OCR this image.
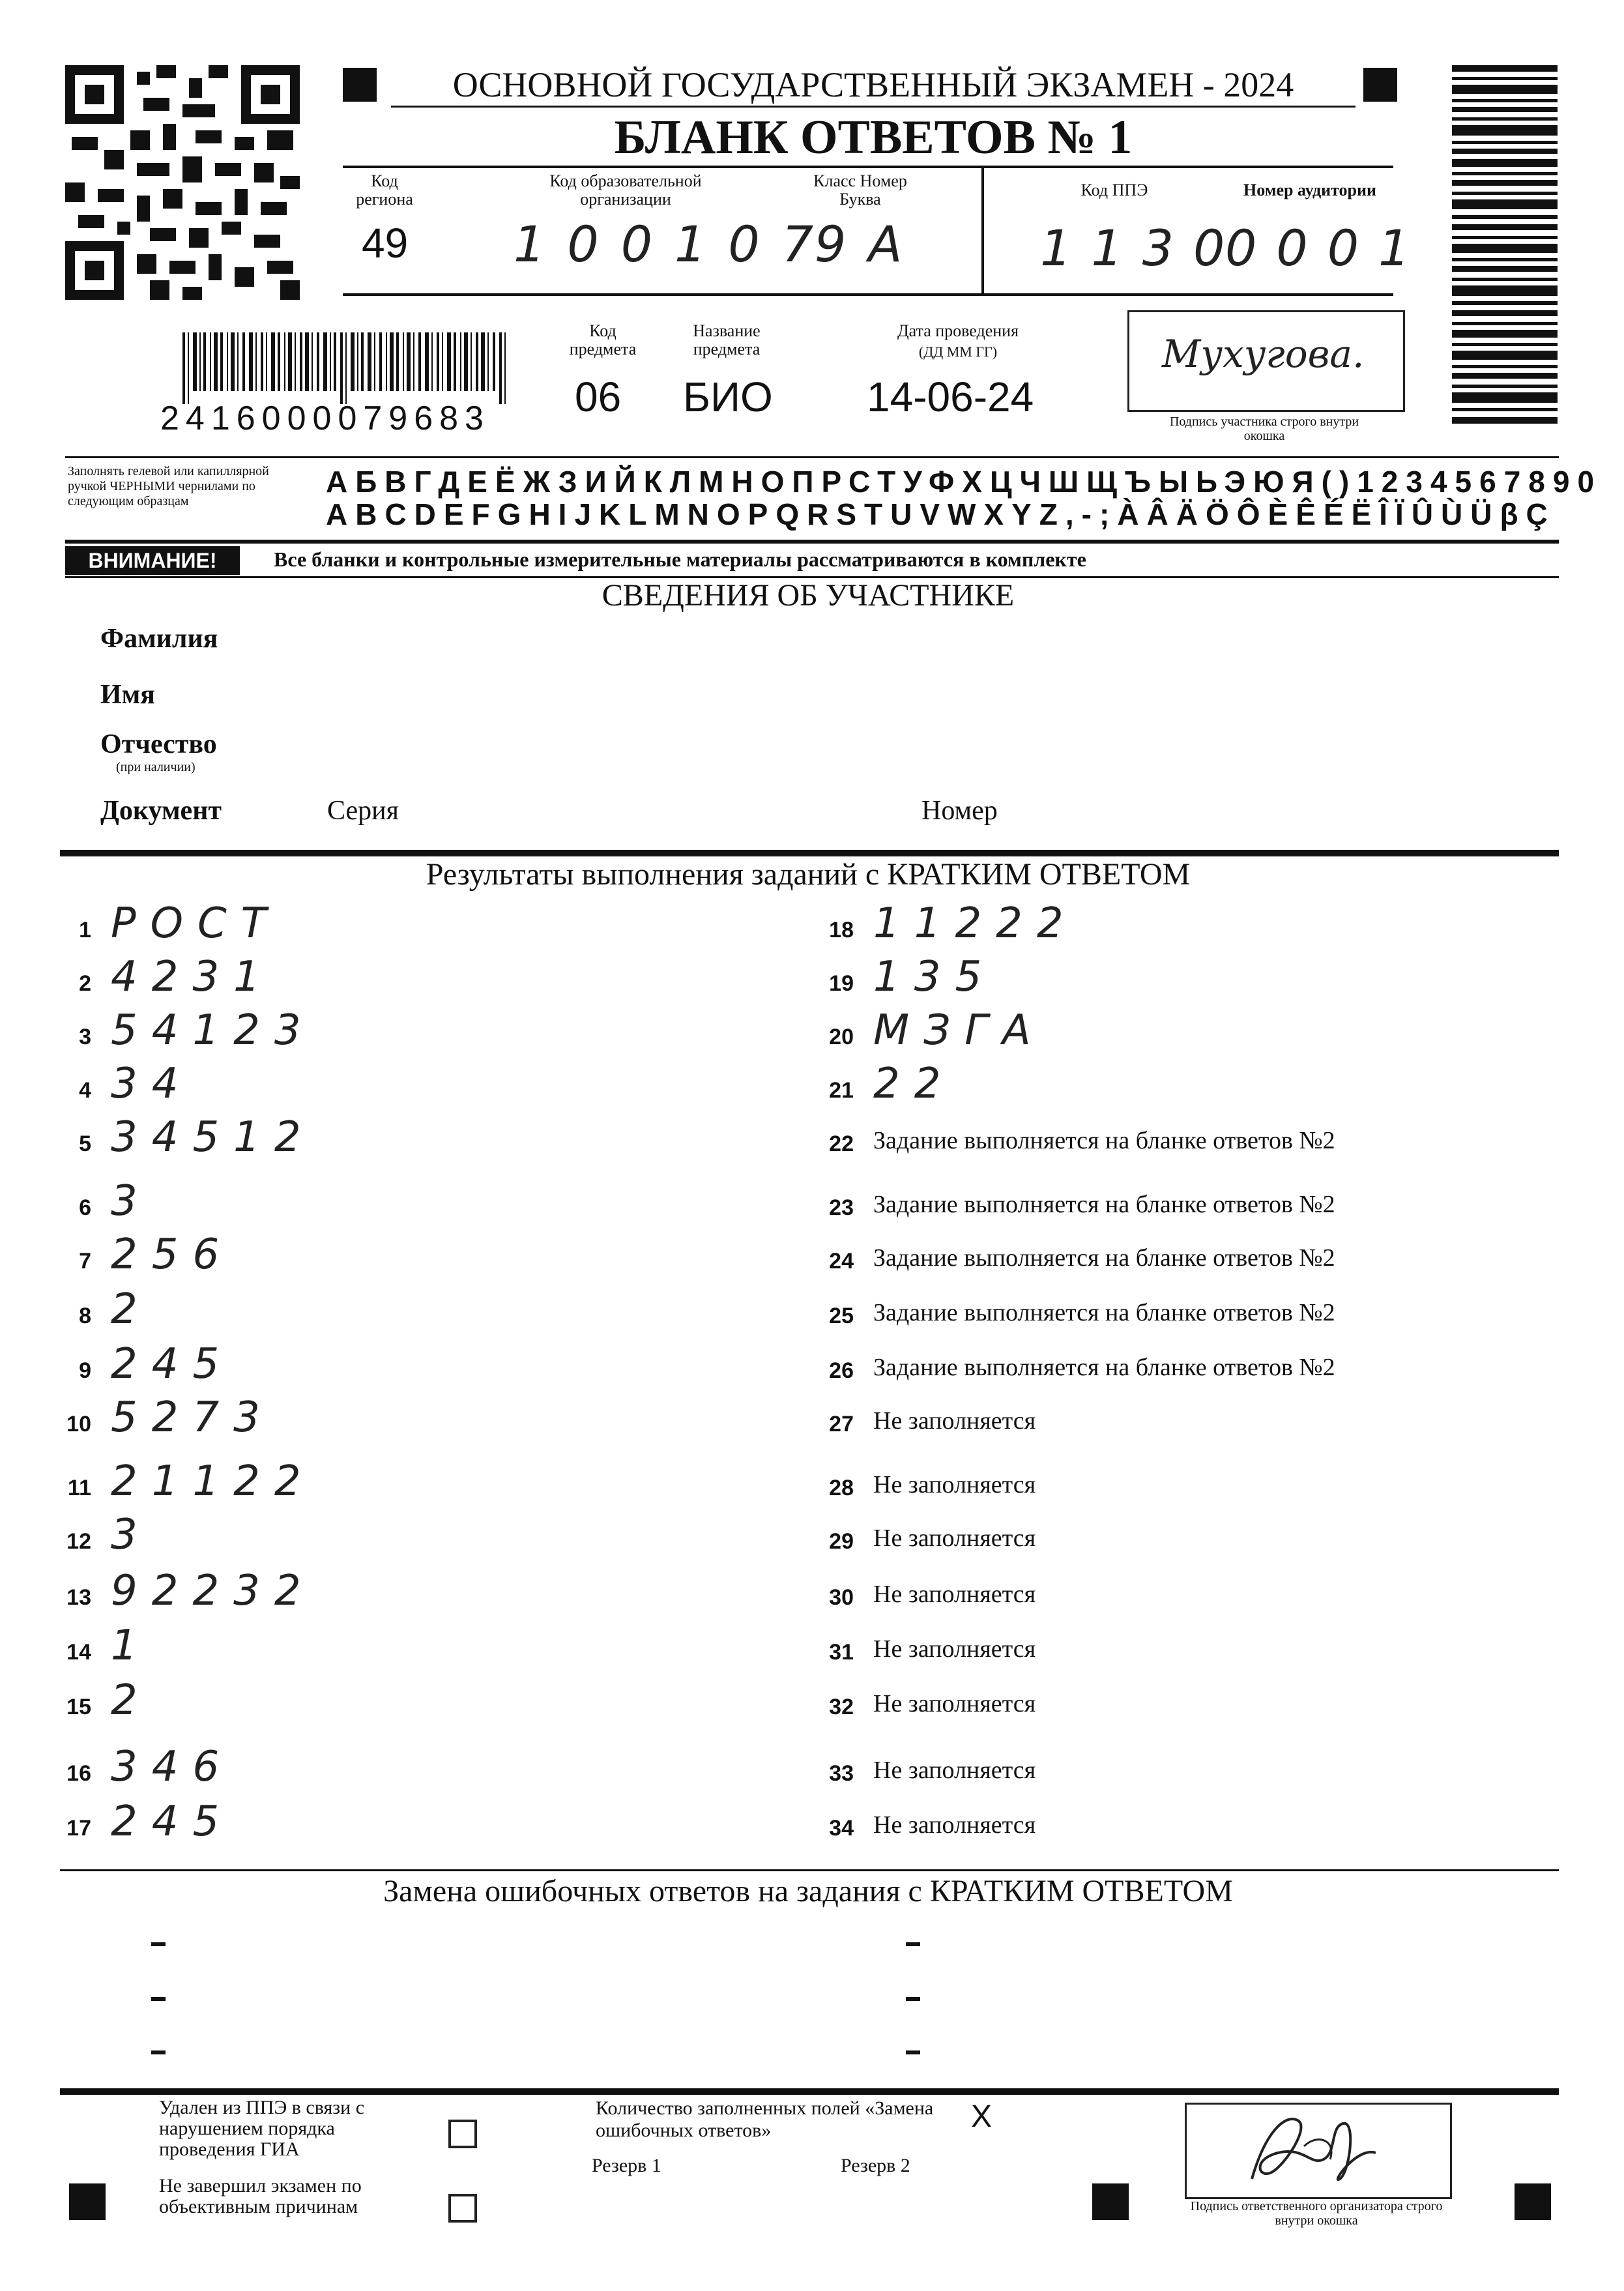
ОСНОВНОЙ ГОСУДАРСТВЕННЫЙ ЭКЗАМЕН - 2024
БЛАНК ОТВЕТОВ № 1
Код региона
49
Код образовательной организации
100107
Класс Номер Буква
9А
Код ППЭ
1130
Номер аудитории
0001
2416000079683
Код предмета
06
Название предмета
БИО
Дата проведения
(ДД ММ ГГ)
14-06-24
Мухугова.
Подпись участника строго внутри окошка
Заполнять гелевой или капиллярной ручкой ЧЕРНЫМИ чернилами по следующим образцам
АБВГДЕЁЖЗИЙКЛМНОПРСТУФХЦЧШЩЪЫЬЭЮЯ()1234567890
ABCDEFGHIJKLMNOPQRSTUVWXYZ,-;ÀÂÄÖÔÈÊÉËÎÏÛÙÜβÇ
ВНИМАНИЕ!	Все бланки и контрольные измерительные материалы рассматриваются в комплекте
СВЕДЕНИЯ ОБ УЧАСТНИКЕ
Фамилия
Имя
Отчество
(при наличии)
Документ	Серия	Номер
Результаты выполнения заданий с КРАТКИМ ОТВЕТОМ
1 РОСТ
2 4231
3 54123
4 34
5 34512
6 3
7 256
8 2
9 245
10 5273
11 21122
12 3
13 92232
14 1
15 2
16 346
17 245
18 11222
19 135
20 МЗГА
21 22
22 Задание выполняется на бланке ответов №2
23 Задание выполняется на бланке ответов №2
24 Задание выполняется на бланке ответов №2
25 Задание выполняется на бланке ответов №2
26 Задание выполняется на бланке ответов №2
27 Не заполняется
28 Не заполняется
29 Не заполняется
30 Не заполняется
31 Не заполняется
32 Не заполняется
33 Не заполняется
34 Не заполняется
Замена ошибочных ответов на задания с КРАТКИМ ОТВЕТОМ
Удален из ППЭ в связи с нарушением порядка проведения ГИА
Не завершил экзамен по объективным причинам
Количество заполненных полей «Замена ошибочных ответов»	X
Резерв 1	Резерв 2
Подпись ответственного организатора строго внутри окошка
